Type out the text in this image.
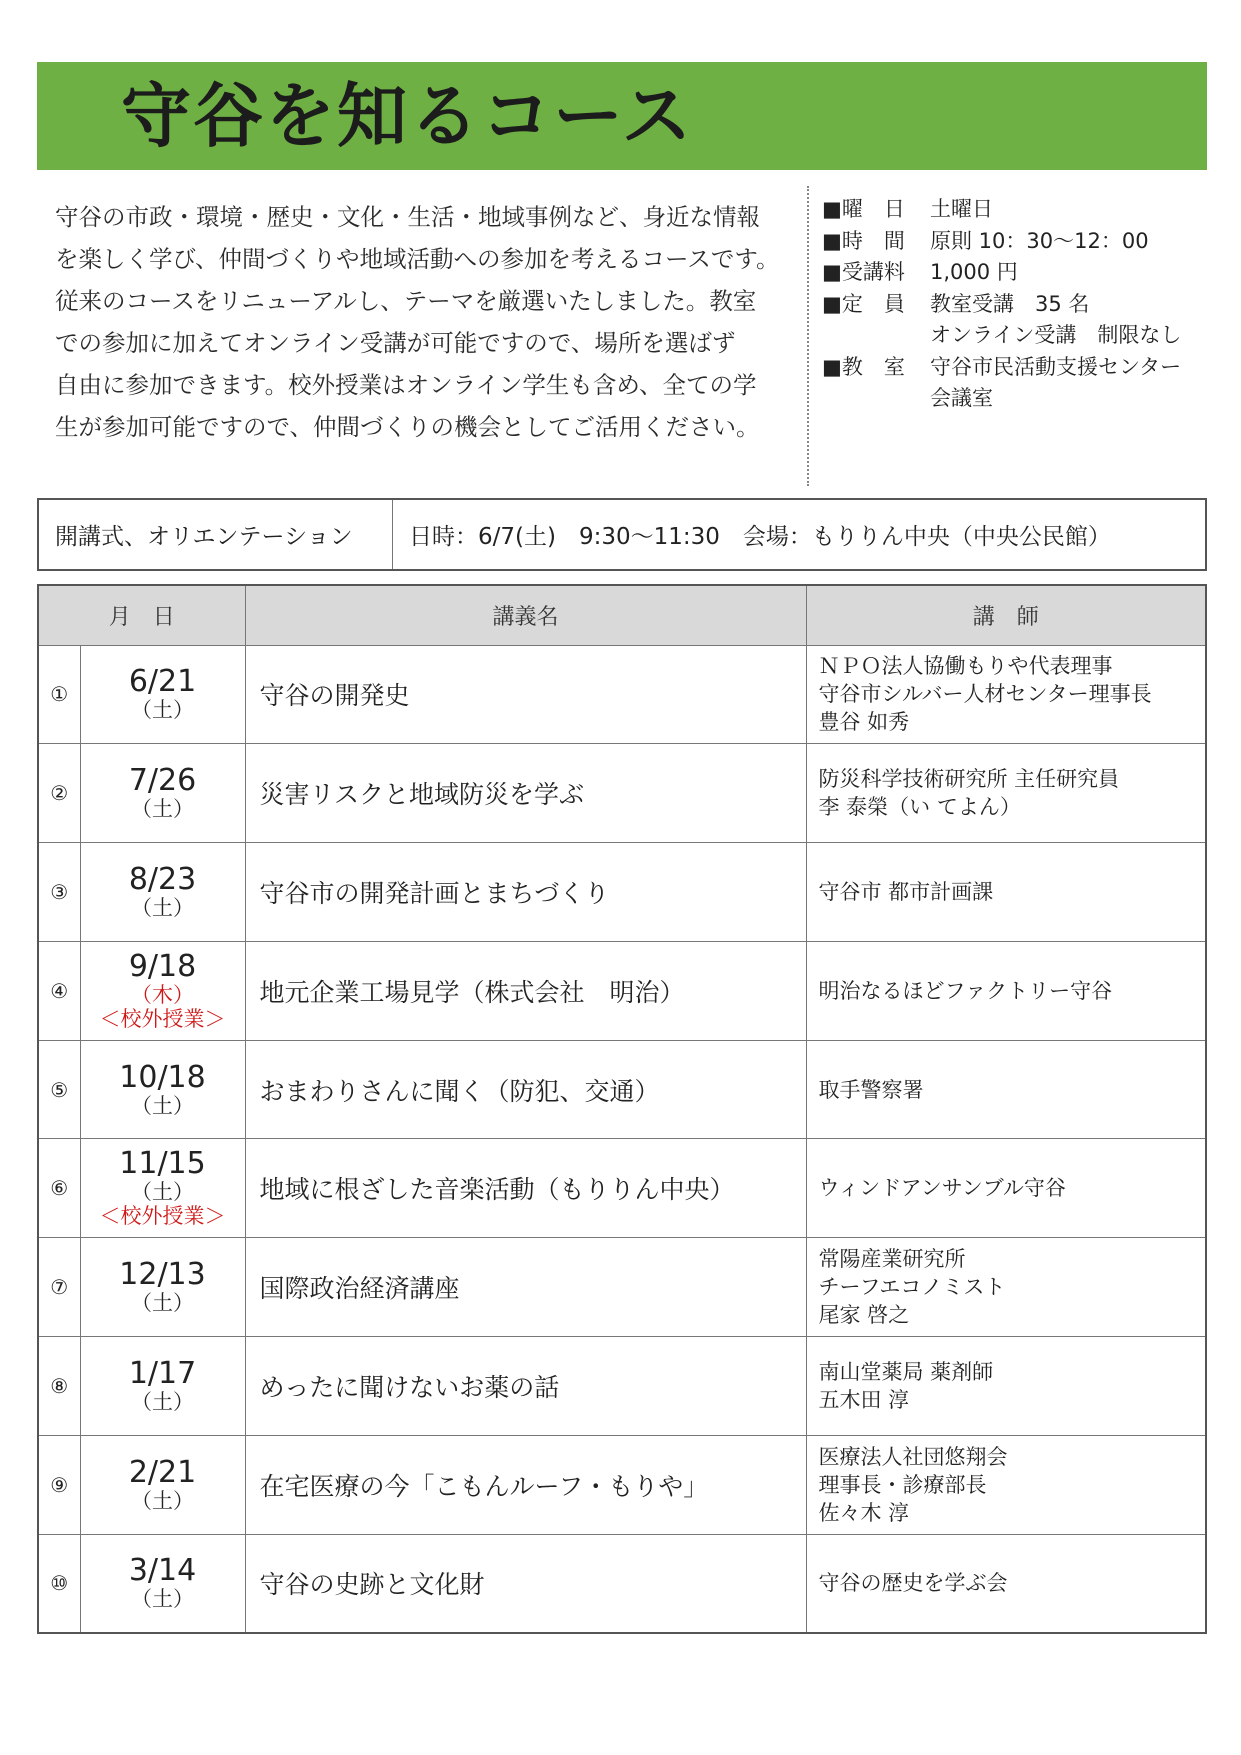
守谷を知るコース
守谷の市政・環境・歴史・文化・生活・地域事例など、身近な情報
を楽しく学び、仲間づくりや地域活動への参加を考えるコースです。
従来のコースをリニューアルし、テーマを厳選いたしました。教室
での参加に加えてオンライン受講が可能ですので、場所を選ばず
自由に参加できます。校外授業はオンライン学生も含め、全ての学
生が参加可能ですので、仲間づくりの機会としてご活用ください。
■曜　日	土曜日
■時　間	原則 10：30～12：00
■受講料	1,000 円
■定　員	教室受講　35 名
オンライン受講　制限なし
■教　室	守谷市民活動支援センター
会議室
開講式、オリエンテーション	日時：6/7(土)　9:30～11:30　会場：もりりん中央（中央公民館）
月　日		講義名	講　師
①	6/21
（土）	守谷の開発史	ＮＰＯ法人協働もりや代表理事
守谷市シルバー人材センター理事長
豊谷 如秀

②	7/26
（土）	災害リスクと地域防災を学ぶ	防災科学技術研究所 主任研究員
李 泰榮（い てよん）

③	8/23
（土）	守谷市の開発計画とまちづくり	守谷市 都市計画課

④	9/18
（木）
＜校外授業＞	地元企業工場見学（株式会社　明治）	明治なるほどファクトリー守谷

⑤	10/18
（土）	おまわりさんに聞く（防犯、交通）	取手警察署

⑥	11/15
（土）
＜校外授業＞	地域に根ざした音楽活動（もりりん中央）	ウィンドアンサンブル守谷

⑦	12/13
（土）	国際政治経済講座	常陽産業研究所
チーフエコノミスト
尾家 啓之

⑧	1/17
（土）	めったに聞けないお薬の話	南山堂薬局 薬剤師
五木田 淳

⑨	2/21
（土）	在宅医療の今「こもんルーフ・もりや」	医療法人社団悠翔会
理事長・診療部長
佐々木 淳

⑩	3/14
（土）	守谷の史跡と文化財	守谷の歴史を学ぶ会
